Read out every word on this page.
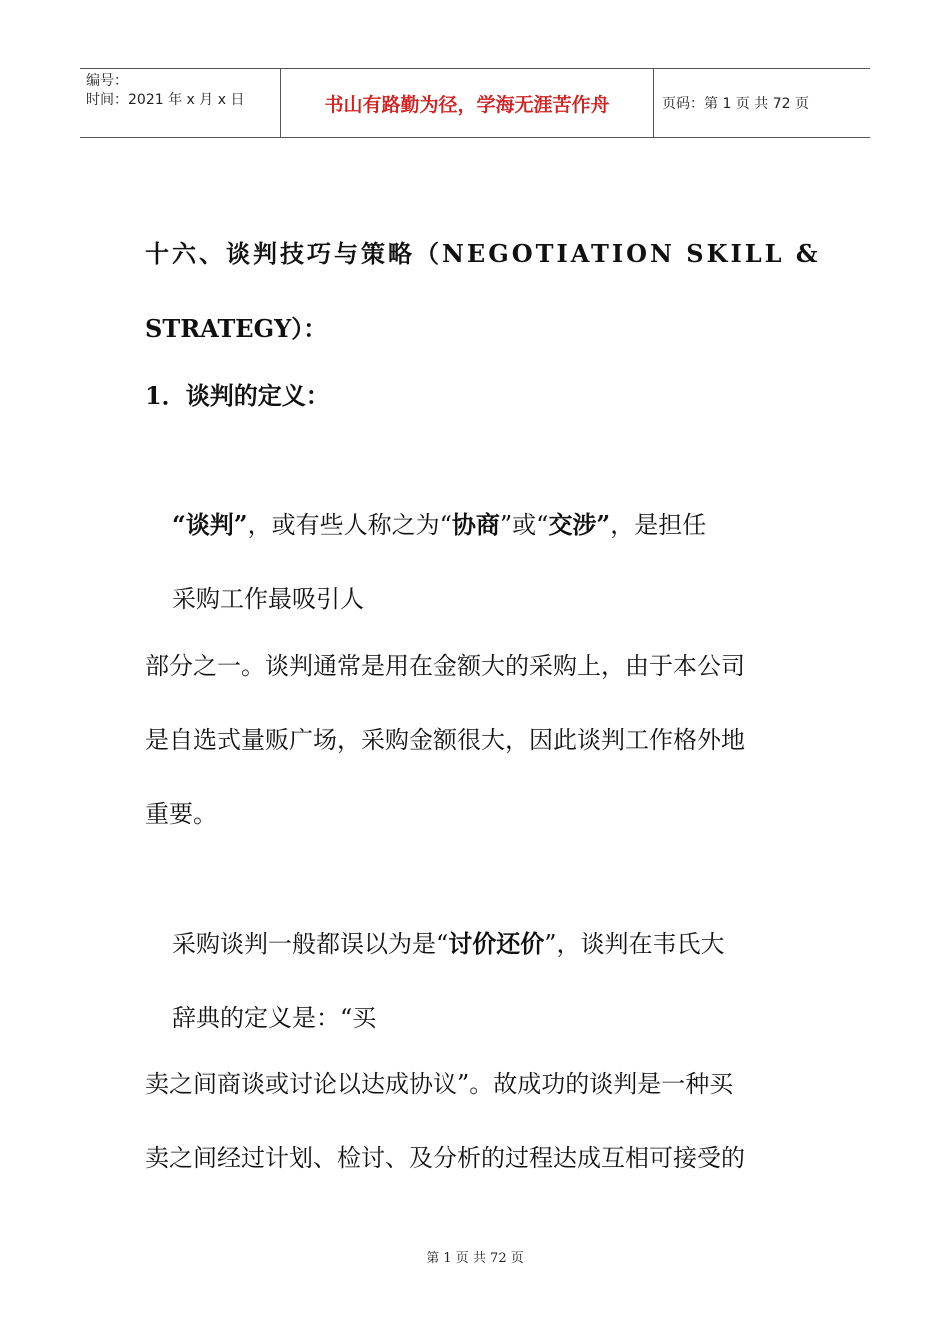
编号：
时间：2021 年 x 月 x 日	书山有路勤为径，学海无涯苦作舟	页码：第 1 页 共 72 页
十六、谈判技巧与策略（NEGOTIATION SKILL &
STRATEGY）：
1．谈判的定义：
“谈判”，或有些人称之为“协商”或“交涉”，是担任
采购工作最吸引人
部分之一。谈判通常是用在金额大的采购上，由于本公司
是自选式量贩广场，采购金额很大，因此谈判工作格外地
重要。
采购谈判一般都误以为是“讨价还价”，谈判在韦氏大
辞典的定义是：“买
卖之间商谈或讨论以达成协议”。故成功的谈判是一种买
卖之间经过计划、检讨、及分析的过程达成互相可接受的
第 1 页 共 72 页
